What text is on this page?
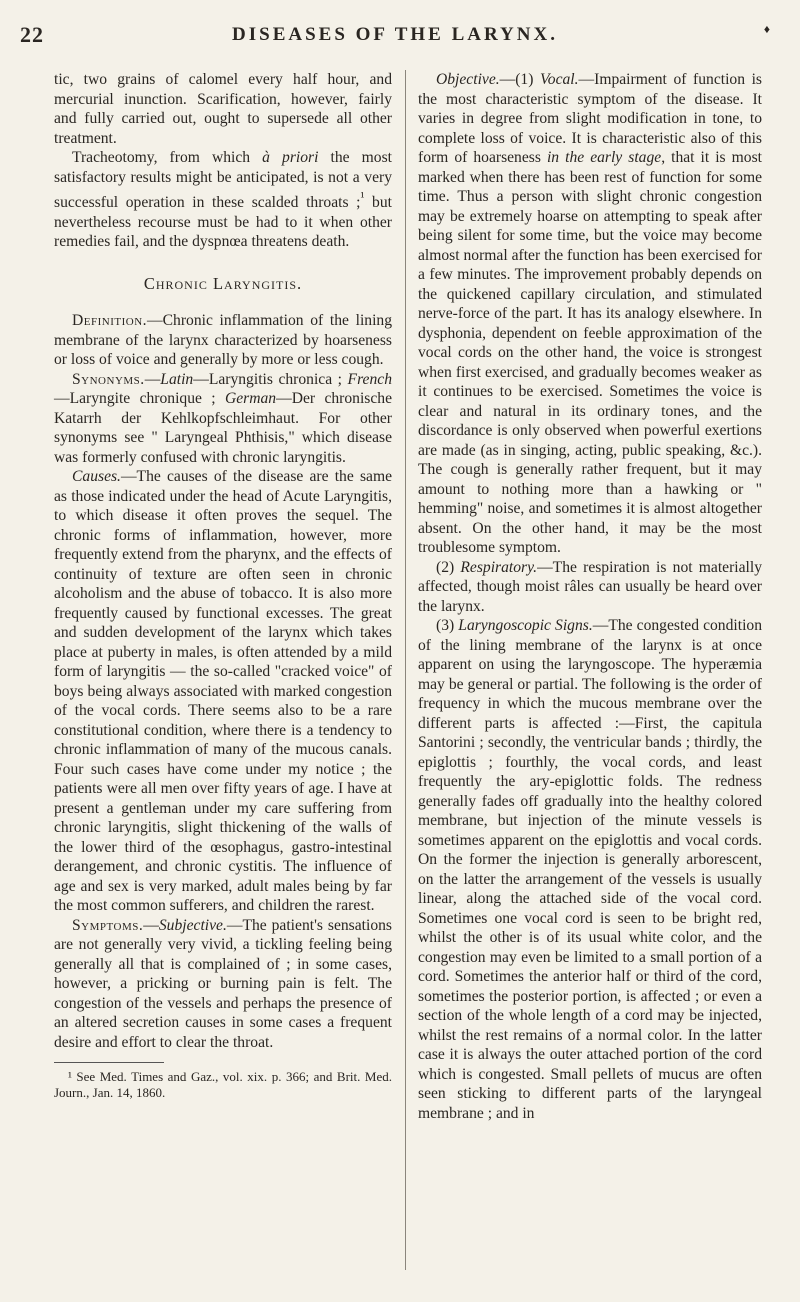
22	DISEASES OF THE LARYNX.	♦

tic, two grains of calomel every half hour, and mercurial inunction. Scarification, however, fairly and fully carried out, ought to supersede all other treatment.

Tracheotomy, from which à priori the most satisfactory results might be anticipated, is not a very successful operation in these scalded throats ;$^{^1}$ but nevertheless recourse must be had to it when other remedies fail, and the dyspnœa threatens death.

Chronic Laryngitis.

Definition.—Chronic inflammation of the lining membrane of the larynx characterized by hoarseness or loss of voice and generally by more or less cough.

Synonyms.—Latin—Laryngitis chronica ; French—Laryngite chronique ; German—Der chronische Katarrh der Kehlkopfschleimhaut. For other synonyms see " Laryngeal Phthisis," which disease was formerly confused with chronic laryngitis.

Causes.—The causes of the disease are the same as those indicated under the head of Acute Laryngitis, to which disease it often proves the sequel. The chronic forms of inflammation, however, more frequently extend from the pharynx, and the effects of continuity of texture are often seen in chronic alcoholism and the abuse of tobacco. It is also more frequently caused by functional excesses. The great and sudden development of the larynx which takes place at puberty in males, is often attended by a mild form of laryngitis — the so-called "cracked voice" of boys being always associated with marked congestion of the vocal cords. There seems also to be a rare constitutional condition, where there is a tendency to chronic inflammation of many of the mucous canals. Four such cases have come under my notice ; the patients were all men over fifty years of age. I have at present a gentleman under my care suffering from chronic laryngitis, slight thickening of the walls of the lower third of the œsophagus, gastro-intestinal derangement, and chronic cystitis. The influence of age and sex is very marked, adult males being by far the most common sufferers, and children the rarest.

Symptoms.—Subjective.—The patient's sensations are not generally very vivid, a tickling feeling being generally all that is complained of ; in some cases, however, a pricking or burning pain is felt. The congestion of the vessels and perhaps the presence of an altered secretion causes in some cases a frequent desire and effort to clear the throat.

¹ See Med. Times and Gaz., vol. xix. p. 366; and Brit. Med. Journ., Jan. 14, 1860.

Objective.—(1) Vocal.—Impairment of function is the most characteristic symptom of the disease. It varies in degree from slight modification in tone, to complete loss of voice. It is characteristic also of this form of hoarseness in the early stage, that it is most marked when there has been rest of function for some time. Thus a person with slight chronic congestion may be extremely hoarse on attempting to speak after being silent for some time, but the voice may become almost normal after the function has been exercised for a few minutes. The improvement probably depends on the quickened capillary circulation, and stimulated nerve-force of the part. It has its analogy elsewhere. In dysphonia, dependent on feeble approximation of the vocal cords on the other hand, the voice is strongest when first exercised, and gradually becomes weaker as it continues to be exercised. Sometimes the voice is clear and natural in its ordinary tones, and the discordance is only observed when powerful exertions are made (as in singing, acting, public speaking, &c.). The cough is generally rather frequent, but it may amount to nothing more than a hawking or " hemming" noise, and sometimes it is almost altogether absent. On the other hand, it may be the most troublesome symptom.

(2) Respiratory.—The respiration is not materially affected, though moist râles can usually be heard over the larynx.

(3) Laryngoscopic Signs.—The congested condition of the lining membrane of the larynx is at once apparent on using the laryngoscope. The hyperæmia may be general or partial. The following is the order of frequency in which the mucous membrane over the different parts is affected :—First, the capitula Santorini ; secondly, the ventricular bands ; thirdly, the epiglottis ; fourthly, the vocal cords, and least frequently the ary-epiglottic folds. The redness generally fades off gradually into the healthy colored membrane, but injection of the minute vessels is sometimes apparent on the epiglottis and vocal cords. On the former the injection is generally arborescent, on the latter the arrangement of the vessels is usually linear, along the attached side of the vocal cord. Sometimes one vocal cord is seen to be bright red, whilst the other is of its usual white color, and the congestion may even be limited to a small portion of a cord. Sometimes the anterior half or third of the cord, sometimes the posterior portion, is affected ; or even a section of the whole length of a cord may be injected, whilst the rest remains of a normal color. In the latter case it is always the outer attached portion of the cord which is congested. Small pellets of mucus are often seen sticking to different parts of the laryngeal membrane ; and in
